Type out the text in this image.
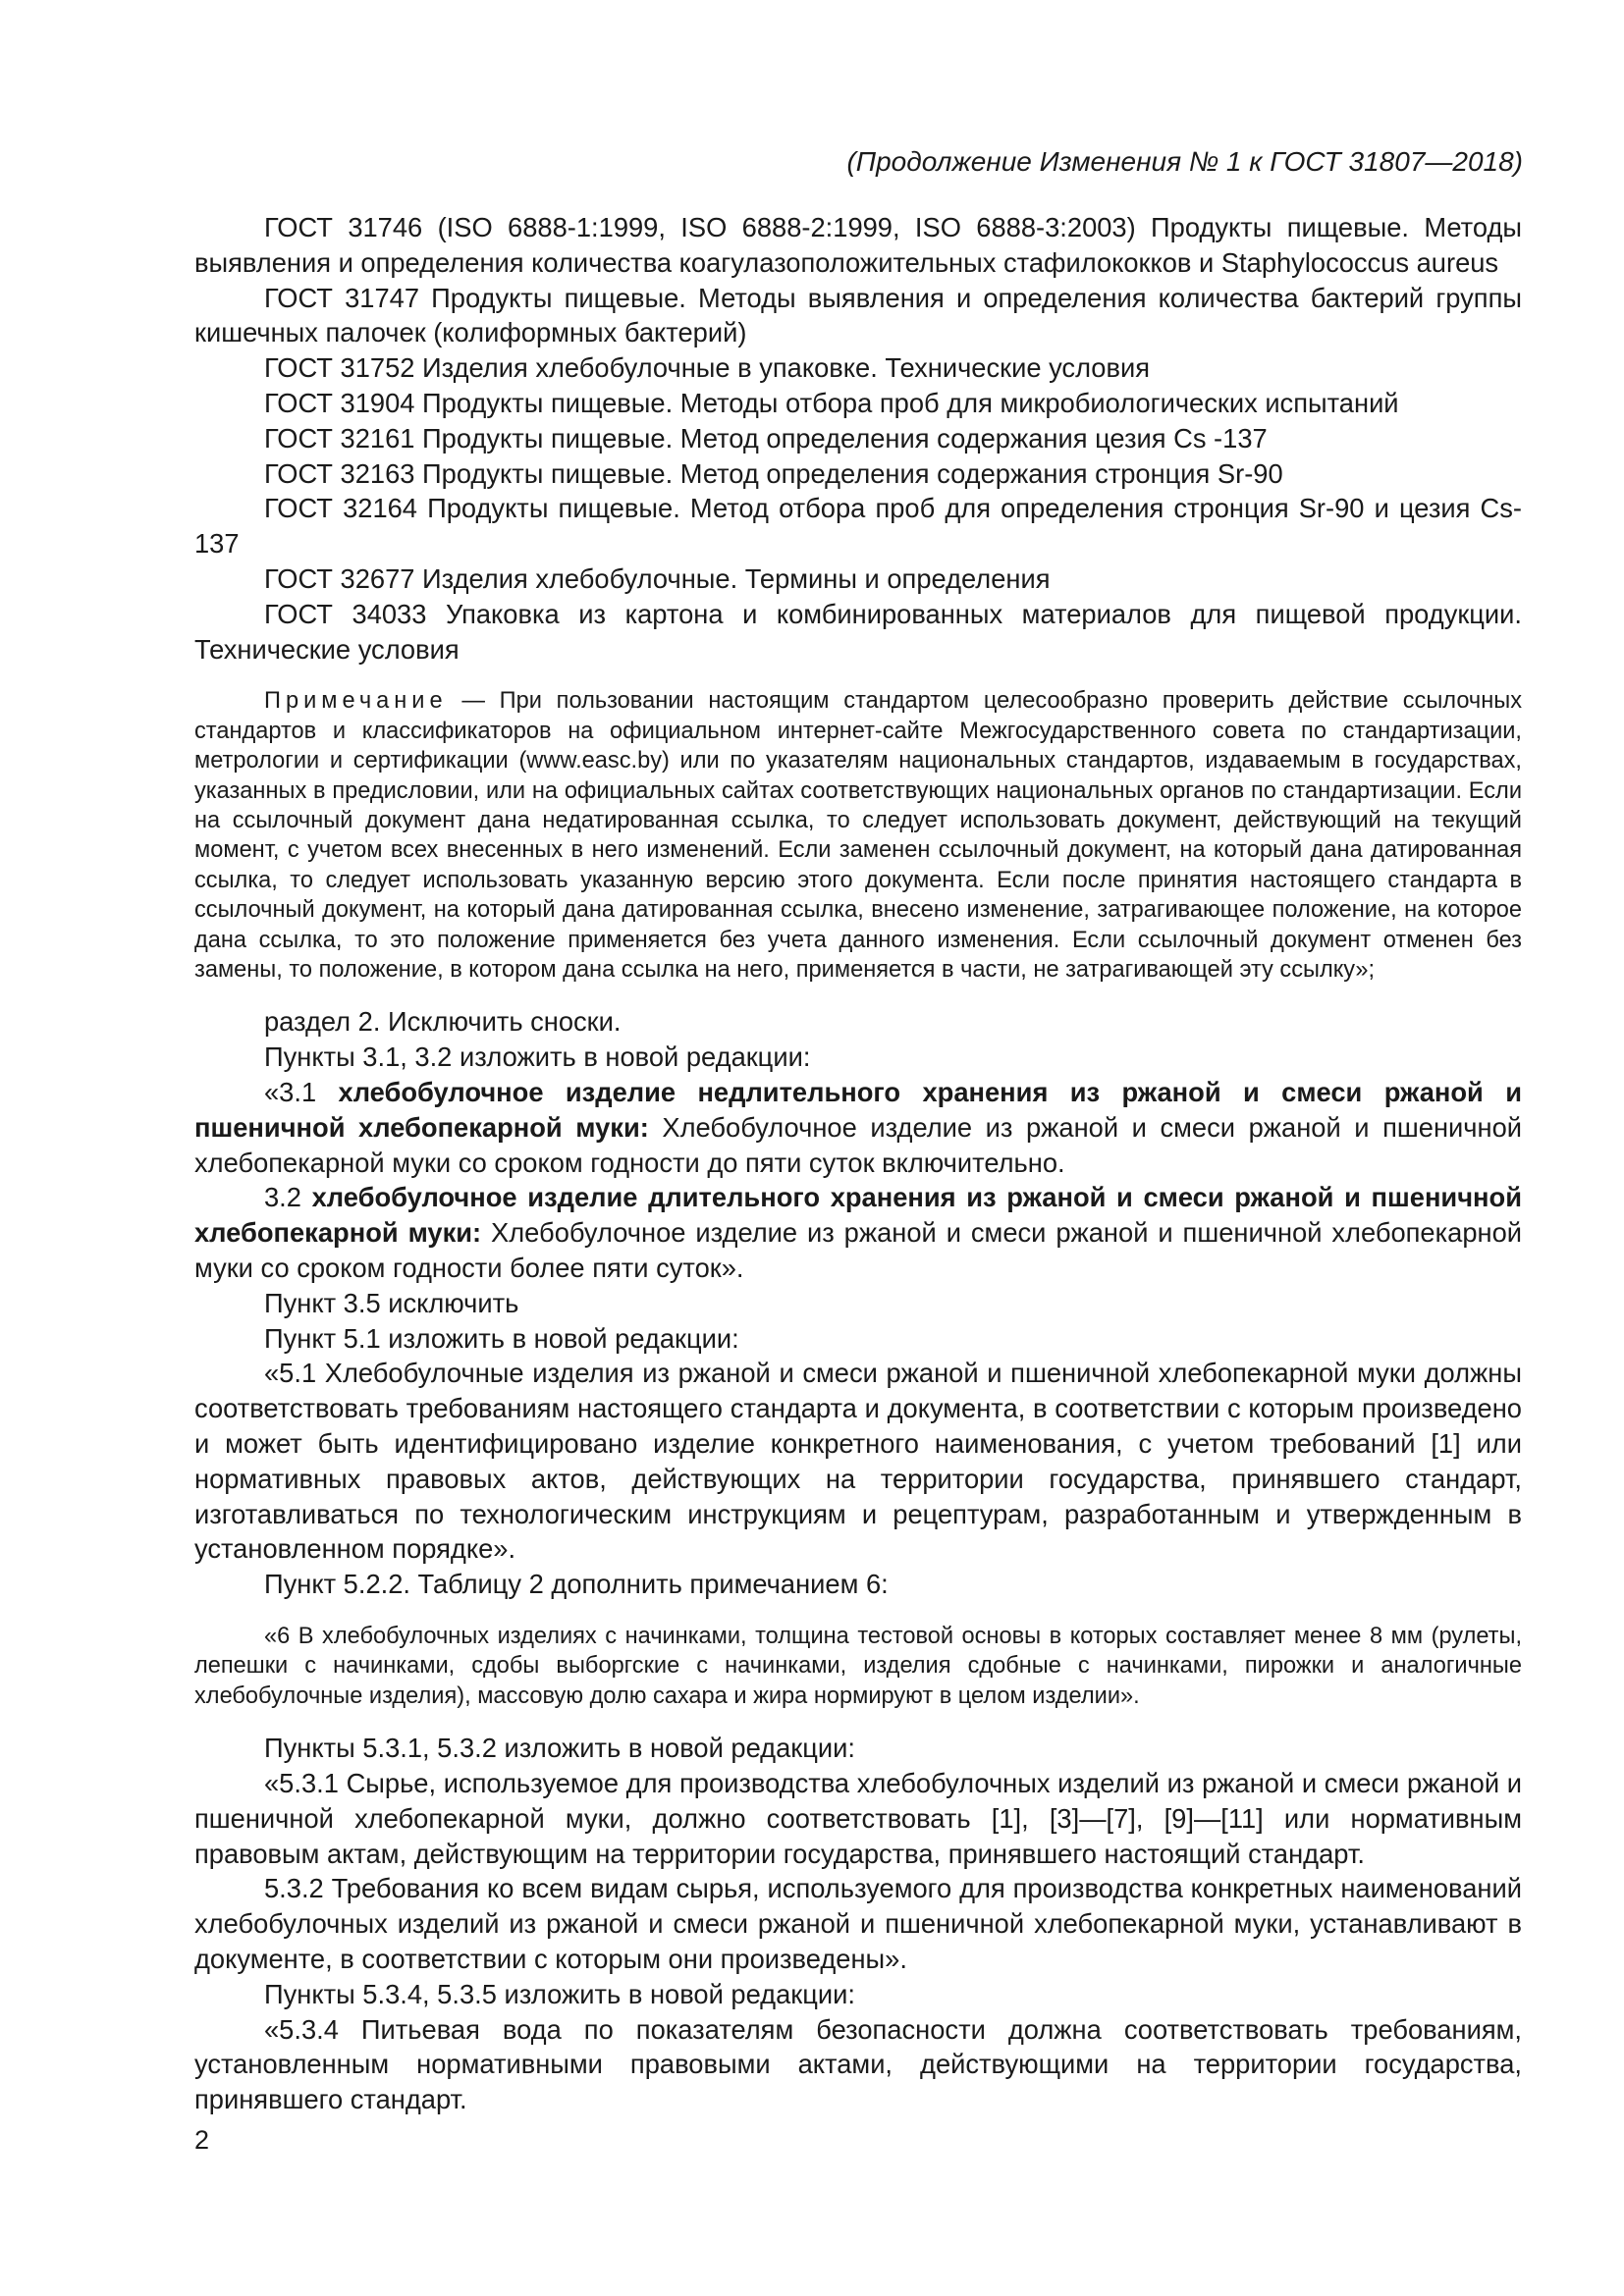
(Продолжение Изменения № 1 к ГОСТ 31807—2018)

ГОСТ 31746 (ISO 6888-1:1999, ISO 6888-2:1999, ISO 6888-3:2003) Продукты пищевые. Методы выявления и определения количества коагулазоположительных стафилококков и Staphylococcus aureus

ГОСТ 31747 Продукты пищевые. Методы выявления и определения количества бактерий группы кишечных палочек (колиформных бактерий)

ГОСТ 31752 Изделия хлебобулочные в упаковке. Технические условия

ГОСТ 31904 Продукты пищевые. Методы отбора проб для микробиологических испытаний

ГОСТ 32161 Продукты пищевые. Метод определения содержания цезия Cs -137

ГОСТ 32163 Продукты пищевые. Метод определения содержания стронция Sr-90

ГОСТ 32164 Продукты пищевые. Метод отбора проб для определения стронция Sr-90 и цезия Cs-137

ГОСТ 32677 Изделия хлебобулочные. Термины и определения

ГОСТ 34033 Упаковка из картона и комбинированных материалов для пищевой продукции. Технические условия

Примечание — При пользовании настоящим стандартом целесообразно проверить действие ссылочных стандартов и классификаторов на официальном интернет-сайте Межгосударственного совета по стандартизации, метрологии и сертификации (www.easc.by) или по указателям национальных стандартов, издаваемым в государствах, указанных в предисловии, или на официальных сайтах соответствующих национальных органов по стандартизации. Если на ссылочный документ дана недатированная ссылка, то следует использовать документ, действующий на текущий момент, с учетом всех внесенных в него изменений. Если заменен ссылочный документ, на который дана датированная ссылка, то следует использовать указанную версию этого документа. Если после принятия настоящего стандарта в ссылочный документ, на который дана датированная ссылка, внесено изменение, затрагивающее положение, на которое дана ссылка, то это положение применяется без учета данного изменения. Если ссылочный документ отменен без замены, то положение, в котором дана ссылка на него, применяется в части, не затрагивающей эту ссылку»;

раздел 2. Исключить сноски.

Пункты 3.1, 3.2 изложить в новой редакции:

«3.1 хлебобулочное изделие недлительного хранения из ржаной и смеси ржаной и пшеничной хлебопекарной муки: Хлебобулочное изделие из ржаной и смеси ржаной и пшеничной хлебопекарной муки со сроком годности до пяти суток включительно.

3.2 хлебобулочное изделие длительного хранения из ржаной и смеси ржаной и пшеничной хлебопекарной муки: Хлебобулочное изделие из ржаной и смеси ржаной и пшеничной хлебопекарной муки со сроком годности более пяти суток».

Пункт 3.5 исключить

Пункт 5.1 изложить в новой редакции:

«5.1 Хлебобулочные изделия из ржаной и смеси ржаной и пшеничной хлебопекарной муки должны соответствовать требованиям настоящего стандарта и документа, в соответствии с которым произведено и может быть идентифицировано изделие конкретного наименования, с учетом требований [1] или нормативных правовых актов, действующих на территории государства, принявшего стандарт, изготавливаться по технологическим инструкциям и рецептурам, разработанным и утвержденным в установленном порядке».

Пункт 5.2.2. Таблицу 2 дополнить примечанием 6:

«6 В хлебобулочных изделиях с начинками, толщина тестовой основы в которых составляет менее 8 мм (рулеты, лепешки с начинками, сдобы выборгские с начинками, изделия сдобные с начинками, пирожки и аналогичные хлебобулочные изделия), массовую долю сахара и жира нормируют в целом изделии».

Пункты 5.3.1, 5.3.2 изложить в новой редакции:

«5.3.1 Сырье, используемое для производства хлебобулочных изделий из ржаной и смеси ржаной и пшеничной хлебопекарной муки, должно соответствовать [1], [3]—[7], [9]—[11] или нормативным правовым актам, действующим на территории государства, принявшего настоящий стандарт.

5.3.2 Требования ко всем видам сырья, используемого для производства конкретных наименований хлебобулочных изделий из ржаной и смеси ржаной и пшеничной хлебопекарной муки, устанавливают в документе, в соответствии с которым они произведены».

Пункты 5.3.4, 5.3.5 изложить в новой редакции:

«5.3.4 Питьевая вода по показателям безопасности должна соответствовать требованиям, установленным нормативными правовыми актами, действующими на территории государства, принявшего стандарт.

2
